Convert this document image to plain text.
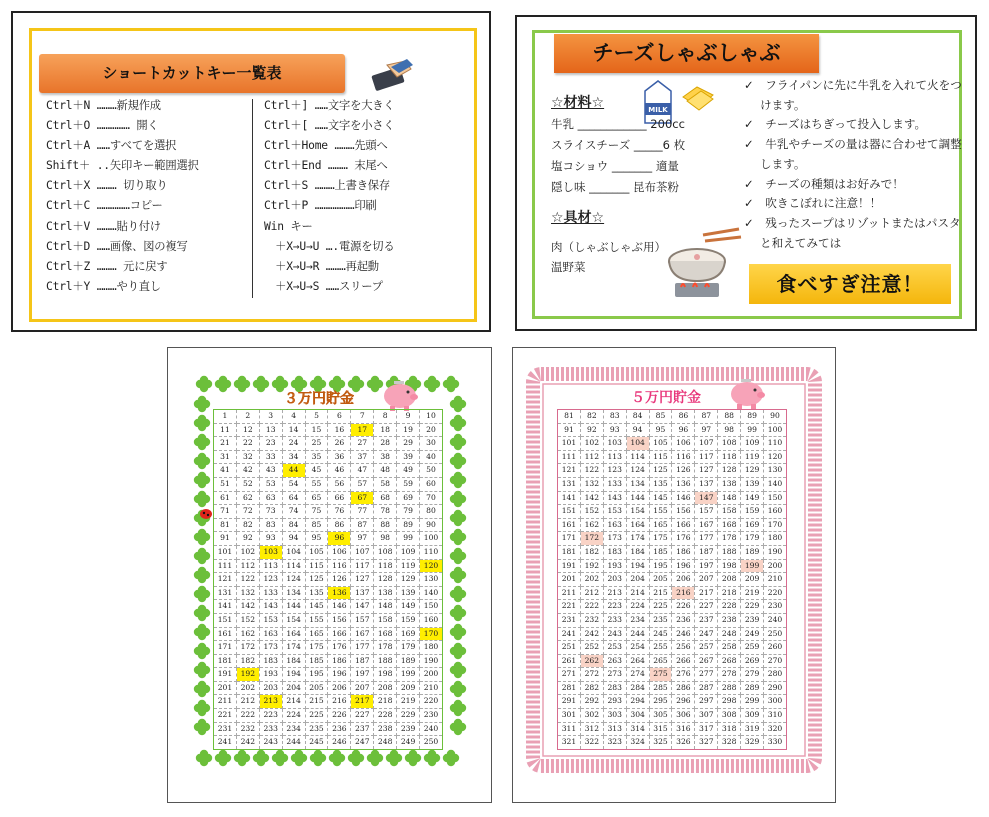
ショートカットキー一覧表
Ctrl＋N ………新規作成
Ctrl＋O …………… 開く
Ctrl＋A ……すべてを選択
Shift＋ ..矢印キー範囲選択
Ctrl＋X ……… 切り取り
Ctrl＋C ……………コピー
Ctrl＋V ………貼り付け
Ctrl＋D ……画像、図の複写
Ctrl＋Z ……… 元に戻す
Ctrl＋Y ………やり直し
Ctrl＋] ……文字を大きく
Ctrl＋[ ……文字を小さく
Ctrl＋Home ………先頭へ
Ctrl＋End ……… 末尾へ
Ctrl＋S ………上書き保存
Ctrl＋P ………………印刷
Win キー
　＋X→U→U ….電源を切る
　＋X→U→R ………再起動
　＋X→U→S ……スリープ
チーズしゃぶしゃぶ
MILK
☆材料☆
牛乳 ____________ 200cc
スライスチーズ _____6 枚
塩コショウ _______ 適量
隠し味 _______ 昆布茶粉
☆具材☆
肉（しゃぶしゃぶ用）
温野菜
✓　フライパンに先に牛乳を入れて火をつけます。
✓　チーズはちぎって投入します。
✓　牛乳やチーズの量は器に合わせて調整します。
✓　チーズの種類はお好みで！
✓　吹きこぼれに注意！！
✓　残ったスープはリゾットまたはパスタと和えてみては
食べすぎ注意！
３万円貯金
1	2	3	4	5	6	7	8	9	10
11	12	13	14	15	16	17	18	19	20
21	22	23	24	25	26	27	28	29	30
31	32	33	34	35	36	37	38	39	40
41	42	43	44	45	46	47	48	49	50
51	52	53	54	55	56	57	58	59	60
61	62	63	64	65	66	67	68	69	70
71	72	73	74	75	76	77	78	79	80
81	82	83	84	85	86	87	88	89	90
91	92	93	94	95	96	97	98	99	100
101	102	103	104	105	106	107	108	109	110
111	112	113	114	115	116	117	118	119	120
121	122	123	124	125	126	127	128	129	130
131	132	133	134	135	136	137	138	139	140
141	142	143	144	145	146	147	148	149	150
151	152	153	154	155	156	157	158	159	160
161	162	163	164	165	166	167	168	169	170
171	172	173	174	175	176	177	178	179	180
181	182	183	184	185	186	187	188	189	190
191	192	193	194	195	196	197	198	199	200
201	202	203	204	205	206	207	208	209	210
211	212	213	214	215	216	217	218	219	220
221	222	223	224	225	226	227	228	229	230
231	232	233	234	235	236	237	238	239	240
241	242	243	244	245	246	247	248	249	250
５万円貯金
81	82	83	84	85	86	87	88	89	90
91	92	93	94	95	96	97	98	99	100
101	102	103	104	105	106	107	108	109	110
111	112	113	114	115	116	117	118	119	120
121	122	123	124	125	126	127	128	129	130
131	132	133	134	135	136	137	138	139	140
141	142	143	144	145	146	147	148	149	150
151	152	153	154	155	156	157	158	159	160
161	162	163	164	165	166	167	168	169	170
171	172	173	174	175	176	177	178	179	180
181	182	183	184	185	186	187	188	189	190
191	192	193	194	195	196	197	198	199	200
201	202	203	204	205	206	207	208	209	210
211	212	213	214	215	216	217	218	219	220
221	222	223	224	225	226	227	228	229	230
231	232	233	234	235	236	237	238	239	240
241	242	243	244	245	246	247	248	249	250
251	252	253	254	255	256	257	258	259	260
261	262	263	264	265	266	267	268	269	270
271	272	273	274	275	276	277	278	279	280
281	282	283	284	285	286	287	288	289	290
291	292	293	294	295	296	297	298	299	300
301	302	303	304	305	306	307	308	309	310
311	312	313	314	315	316	317	318	319	320
321	322	323	324	325	326	327	328	329	330
